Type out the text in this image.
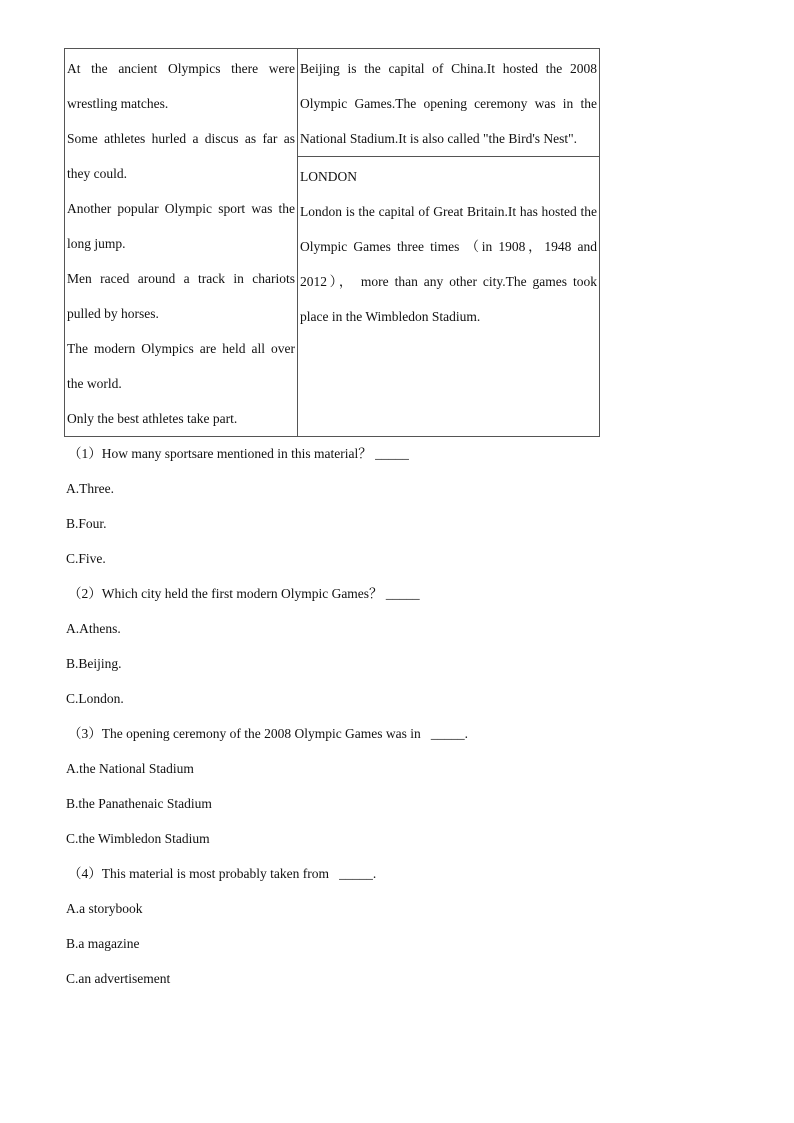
At the ancient Olympics there were wrestling matches.

Some athletes hurled a discus as far as they could.

Another popular Olympic sport was the long jump.

Men raced around a track in chariots pulled by horses.

The modern Olympics are held all over the world.

Only the best athletes take part.

Beijing is the capital of China.It hosted the 2008 Olympic Games.The opening ceremony was in the National Stadium.It is also called "the Bird's Nest".

LONDON

London is the capital of Great Britain.It has hosted the Olympic Games three times （in 1908，1948 and 2012）， more than any other city.The games took place in the Wimbledon Stadium.

（1）How many sportsare mentioned in this material？ _____

A.Three.

B.Four.

C.Five.

（2）Which city held the first modern Olympic Games？ _____

A.Athens.

B.Beijing.

C.London.

（3）The opening ceremony of the 2008 Olympic Games was in   _____.

A.the National Stadium

B.the Panathenaic Stadium

C.the Wimbledon Stadium

（4）This material is most probably taken from   _____.

A.a storybook

B.a magazine

C.an advertisement
